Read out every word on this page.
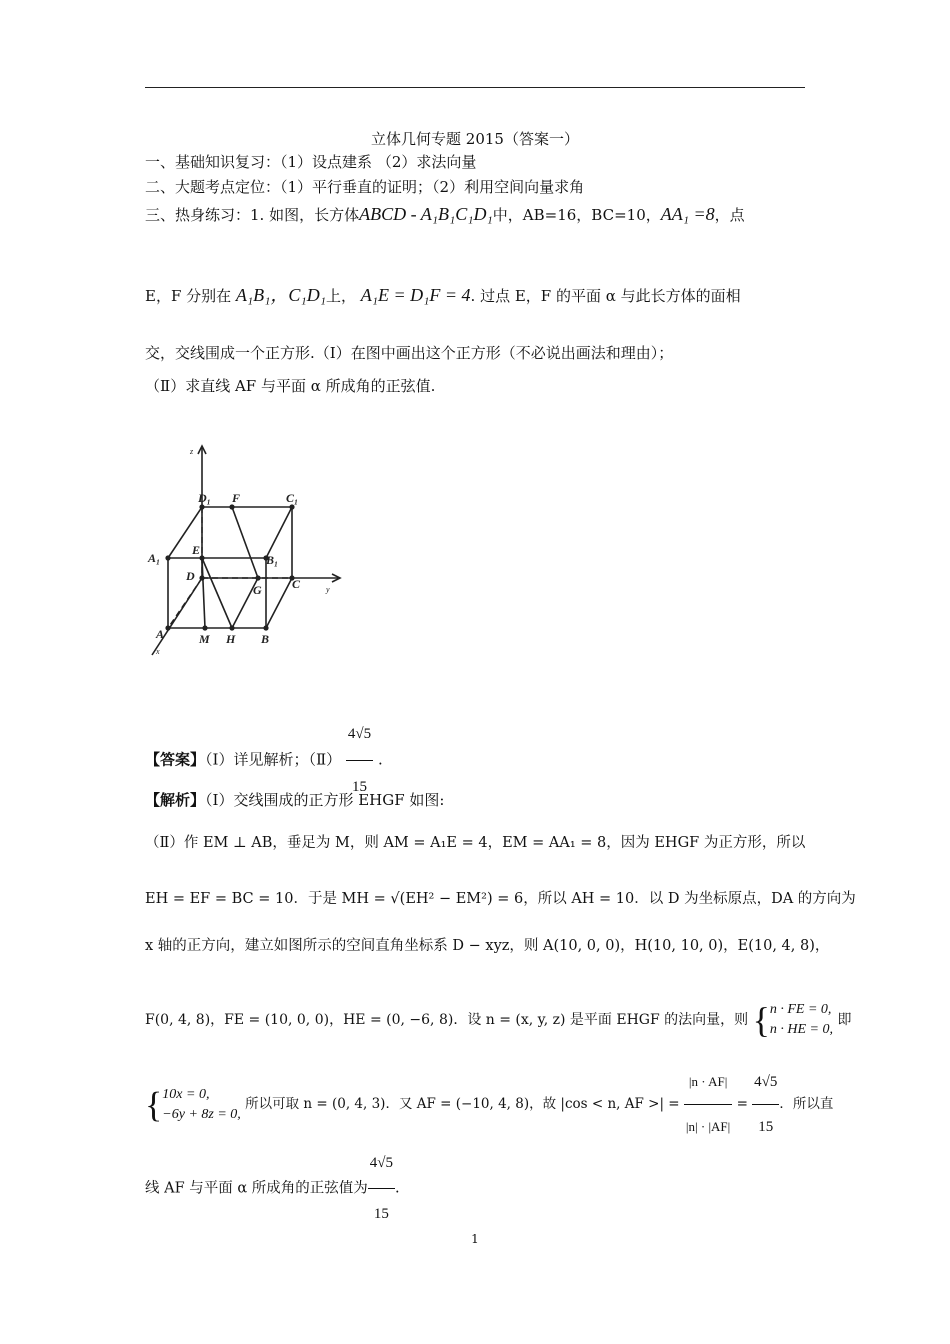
立体几何专题 2015（答案一）
一、基础知识复习：（1）设点建系 （2）求法向量
二、大题考点定位：（1）平行垂直的证明；（2）利用空间向量求角
三、热身练习：1. 如图，长方体ABCD - A₁B₁C₁D₁中，AB=16，BC=10，AA₁ =8，点
E，F 分别在 A₁B₁，C₁D₁上， A₁E = D₁F = 4. 过点 E，F 的平面 α 与此长方体的面相
交，交线围成一个正方形.（Ⅰ）在图中画出这个正方形（不必说出画法和理由）；
（Ⅱ）求直线 AF 与平面 α 所成角的正弦值.
z
y
x
D₁ F	C₁
A₁
E
B₁
D
G	C
A	M H B
【答案】（Ⅰ）详见解析；（Ⅱ） $\frac{4√5}{15}$ .
【解析】（Ⅰ）交线围成的正方形 EHGF 如图:
（Ⅱ）作 EM ⊥ AB，垂足为 M，则 AM = A₁E = 4，EM = AA₁ = 8，因为 EHGF 为正方形，所以
EH = EF = BC = 10．于是 MH = √(EH² − EM²) = 6，所以 AH = 10．以 D 为坐标原点，DA 的方向为
x 轴的正方向，建立如图所示的空间直角坐标系 D − xyz，则 A(10, 0, 0)，H(10, 10, 0)，E(10, 4, 8)，
F(0, 4, 8)，FE = (10, 0, 0)，HE = (0, −6, 8)．设 n = (x, y, z) 是平面 EHGF 的法向量，则 { n · FE = 0,
n · HE = 0,
即
{ 10x = 0,
−6y + 8z = 0,
所以可取 n = (0, 4, 3)．又 AF = (−10, 4, 8)，故 |cos < n, AF >| = $\frac{|n \cdot AF|}{|n| \cdot |AF|} = \frac{4√5}{15}$ ．所以直
线 AF 与平面 α 所成角的正弦值为 $\frac{4√5}{15}$ .
1
